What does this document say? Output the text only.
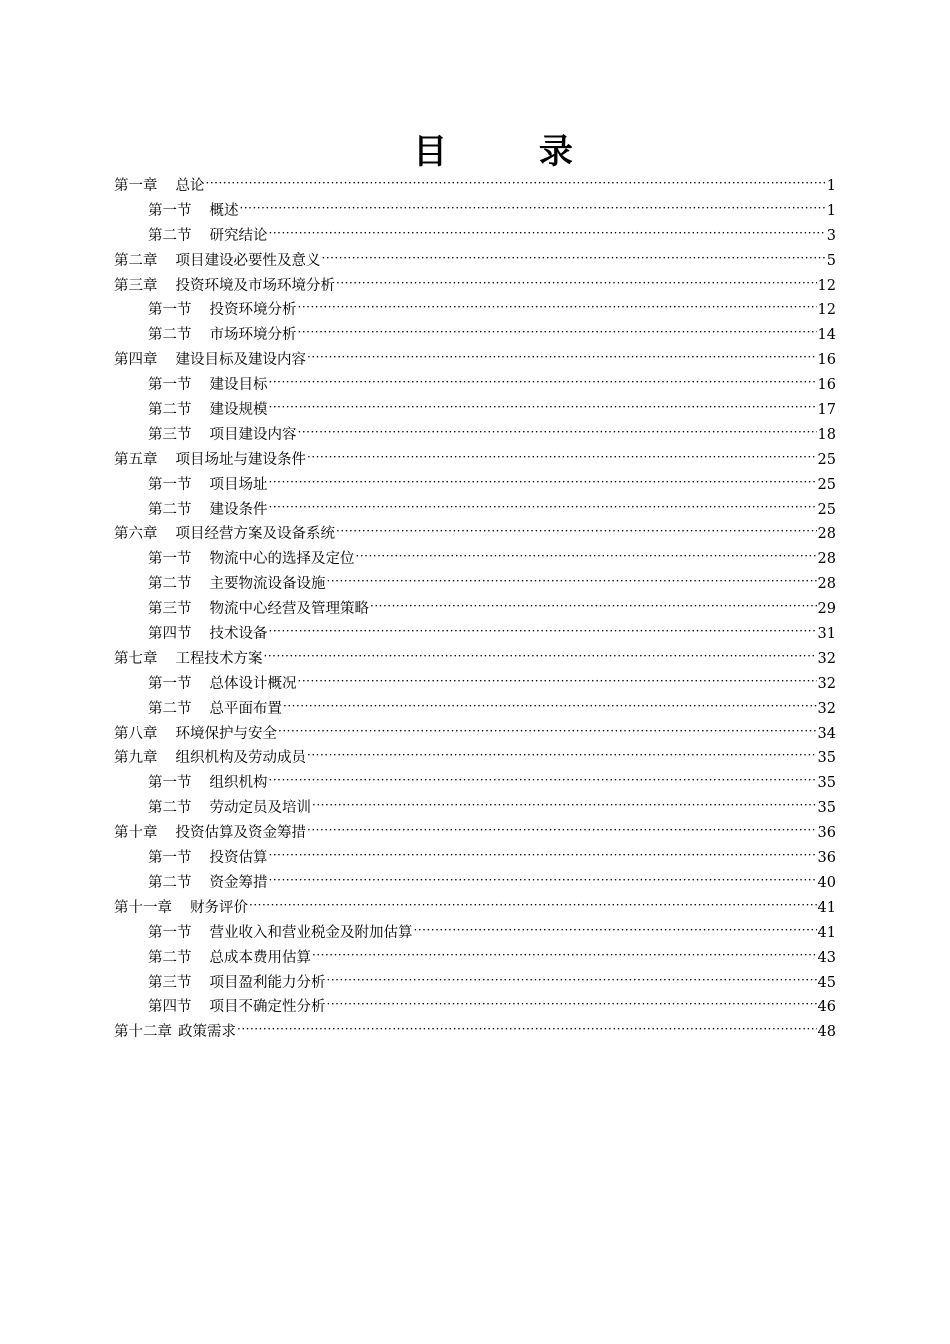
目 录
第一章 总论 ·····	1
第一节 概述 ·····	1
第二节 研究结论 ·····	3
第二章 项目建设必要性及意义 ·····	5
第三章 投资环境及市场环境分析 ·····	12
第一节 投资环境分析 ·····	12
第二节 市场环境分析 ·····	14
第四章 建设目标及建设内容 ·····	16
第一节 建设目标 ·····	16
第二节 建设规模 ·····	17
第三节 项目建设内容 ·····	18
第五章 项目场址与建设条件 ·····	25
第一节 项目场址 ·····	25
第二节 建设条件 ·····	25
第六章 项目经营方案及设备系统 ·····	28
第一节 物流中心的选择及定位 ·····	28
第二节 主要物流设备设施 ·····	28
第三节 物流中心经营及管理策略 ·····	29
第四节 技术设备 ·····	31
第七章 工程技术方案 ·····	32
第一节 总体设计概况 ·····	32
第二节 总平面布置 ·····	32
第八章 环境保护与安全 ·····	34
第九章 组织机构及劳动成员 ·····	35
第一节 组织机构 ·····	35
第二节 劳动定员及培训 ·····	35
第十章 投资估算及资金筹措 ·····	36
第一节 投资估算 ·····	36
第二节 资金筹措 ·····	40
第十一章 财务评价 ·····	41
第一节 营业收入和营业税金及附加估算 ·····	41
第二节 总成本费用估算 ·····	43
第三节 项目盈利能力分析 ·····	45
第四节 项目不确定性分析 ·····	46
第十二章 政策需求 ·····	48
